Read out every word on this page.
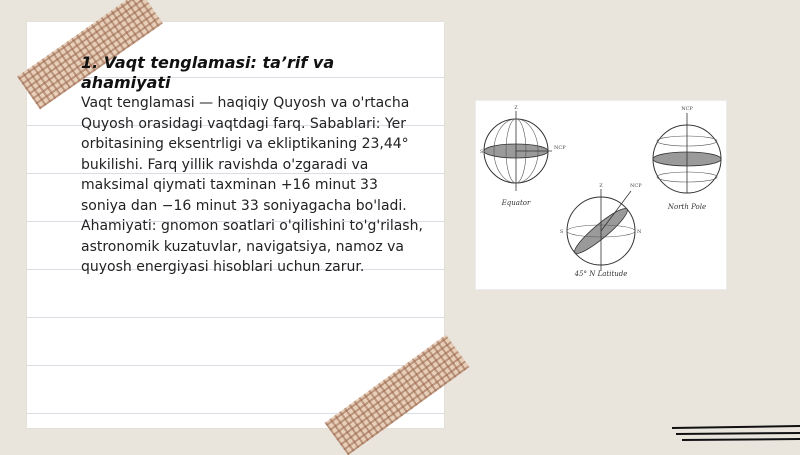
1. Vaqt tenglamasi: taʼrif va ahamiyati

Vaqt tenglamasi — haqiqiy Quyosh va o'rtacha Quyosh orasidagi vaqtdagi farq. Sabablari: Yer orbitasining eksentrligi va ekliptikaning 23,44° bukilishi. Farq yillik ravishda o'zgaradi va maksimal qiymati taxminan +16 minut 33 soniya dan −16 minut 33 soniyagacha bo'ladi. Ahamiyati: gnomon soatlari o'qilishini to'g'rilash, astronomik kuzatuvlar, navigatsiya, namoz va quyosh energiyasi hisoblari uchun zarur.

Z
NCP
S
Equator
Z	NCP
S	N
45° N Latitude
NCP
North Pole
